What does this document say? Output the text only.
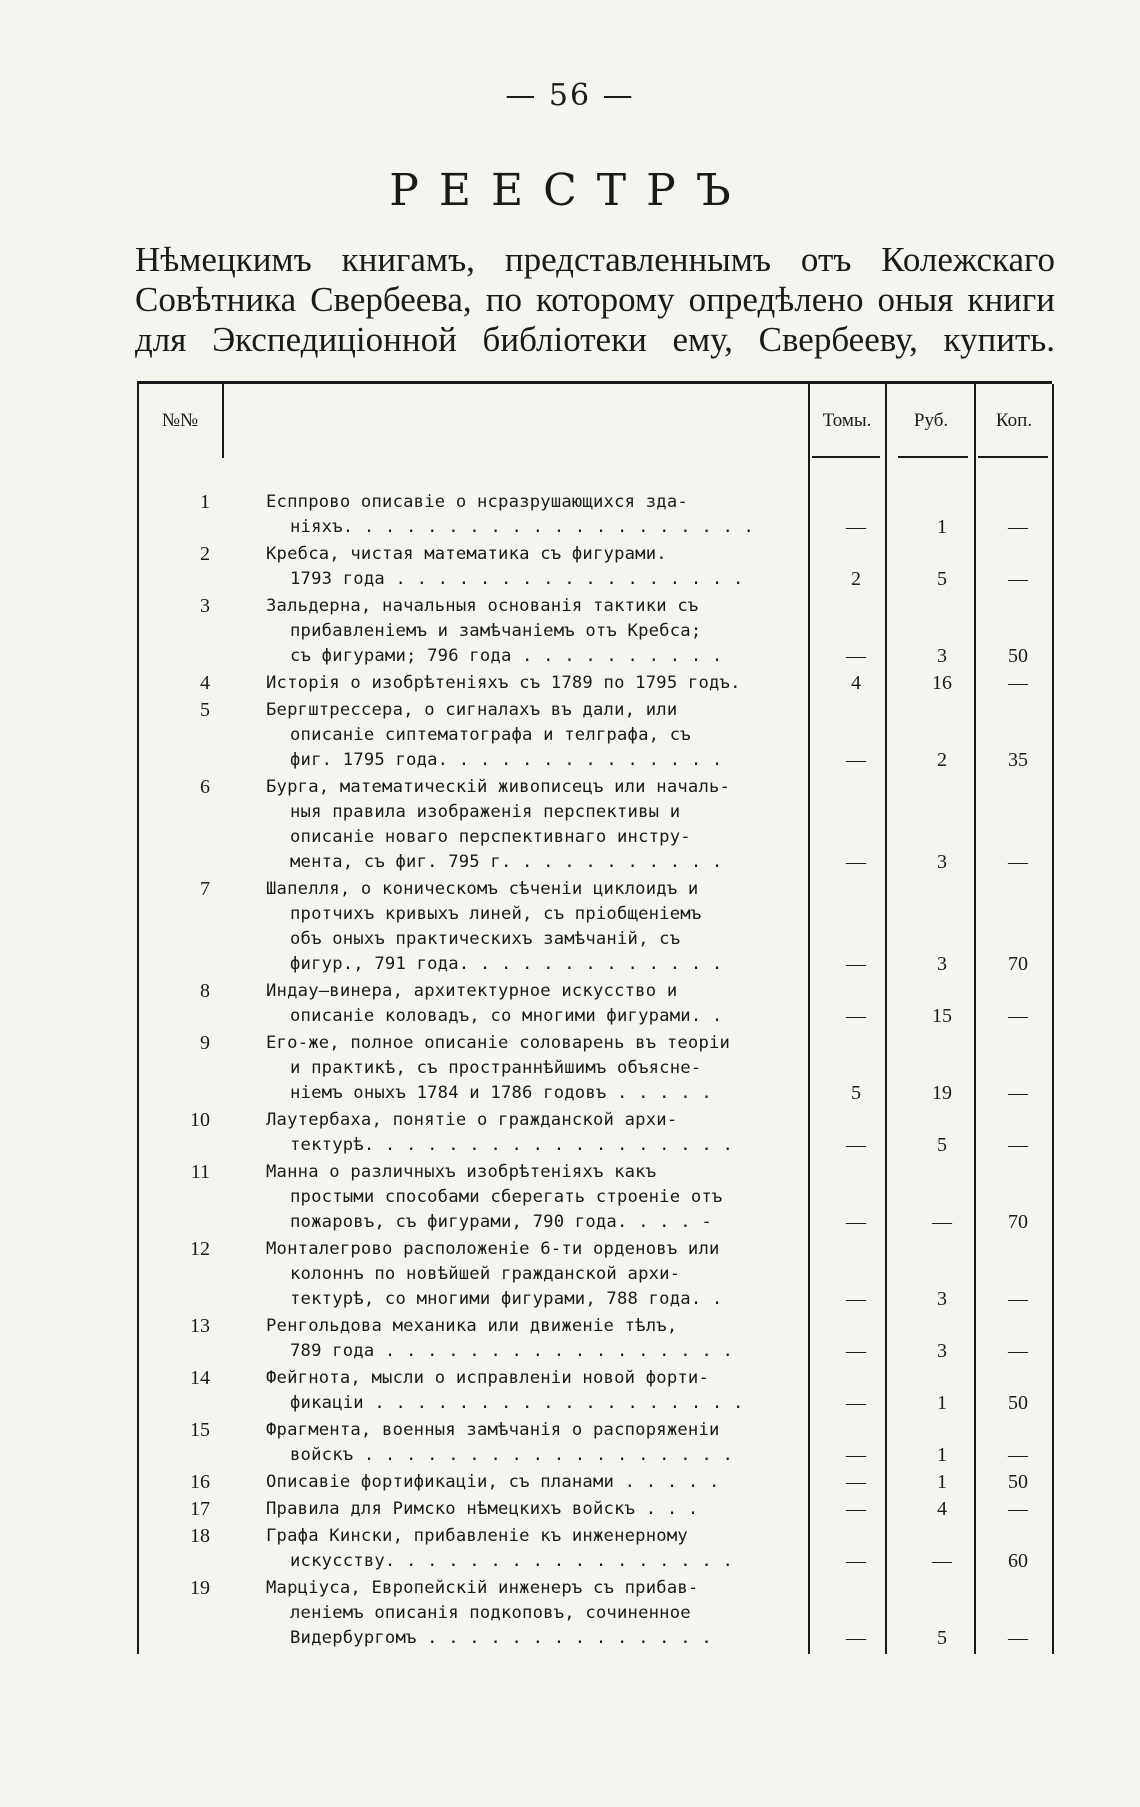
— 56 —
РЕЕСТРЪ
Нѣмецкимъ книгамъ, представленнымъ отъ Колежскаго
Совѣтника Свербеева, по которому опредѣлено оныя книги
для Экспедиціонной библіотеки ему, Свербееву, купить.
№№	Томы.	Руб.	Коп.
1	Есппрово описавіе о нсразрушающихся зда-
ніяхъ. . . . . . . . . . . . . . . . . . . .	—	1	—
2	Кребса, чистая математика съ фигурами.
1793 года . . . . . . . . . . . . . . . . .	2	5	—
3	Зальдерна, начальныя основанія тактики съ
прибавленіемъ и замѣчаніемъ отъ Кребса;
съ фигурами; 796 года . . . . . . . . . .	—	3	50
4	Исторія о изобрѣтеніяхъ съ 1789 по 1795 годъ.	4	16	—
5	Бергштрессера, о сигналахъ въ дали, или
описаніе сиптематографа и телграфа, съ
фиг. 1795 года. . . . . . . . . . . . . .	—	2	35
6	Бурга, математическій живописецъ или началь-
ныя правила изображенія перспективы и
описаніе новаго перспективнаго инстру-
мента, съ фиг. 795 г. . . . . . . . . . .	—	3	—
7	Шапелля, о коническомъ сѣченіи циклоидъ и
протчихъ кривыхъ линей, съ пріобщеніемъ
объ оныхъ практическихъ замѣчаній, съ
фигур., 791 года. . . . . . . . . . . . .	—	3	70
8	Индау—винера, архитектурное искусство и
описаніе коловадъ, со многими фигурами. .	—	15	—
9	Его-же, полное описаніе соловарень въ теоріи
и практикѣ, съ пространнѣйшимъ объясне-
ніемъ оныхъ 1784 и 1786 годовъ . . . . .	5	19	—
10	Лаутербаха, понятіе о гражданской архи-
тектурѣ. . . . . . . . . . . . . . . . . .	—	5	—
11	Манна о различныхъ изобрѣтеніяхъ какъ
простыми способами сберегать строеніе отъ
пожаровъ, съ фигурами, 790 года. . . . -	—	—	70
12	Монталегрово расположеніе 6-ти орденовъ или
колоннъ по новѣйшей гражданской архи-
тектурѣ, со многими фигурами, 788 года. .	—	3	—
13	Ренгольдова механика или движеніе тѣлъ,
789 года . . . . . . . . . . . . . . . . .	—	3	—
14	Фейгнота, мысли о исправленіи новой форти-
фикаціи . . . . . . . . . . . . . . . . . .	—	1	50
15	Фрагмента, военныя замѣчанія о распоряженіи
войскъ . . . . . . . . . . . . . . . . . .	—	1	—
16	Описавіе фортификаціи, съ планами . . . . .	—	1	50
17	Правила для Римско нѣмецкихъ войскъ . . .	—	4	—
18	Графа Кински, прибавленіе къ инженерному
искусству. . . . . . . . . . . . . . . . .	—	—	60
19	Марціуса, Европейскій инженеръ съ прибав-
леніемъ описанія подкоповъ, сочиненное
Видербургомъ . . . . . . . . . . . . . .	—	5	—
